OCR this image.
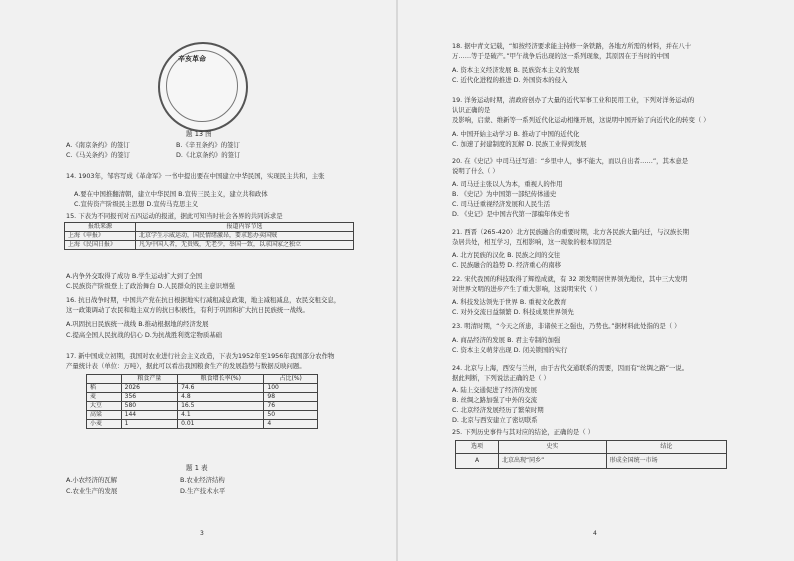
辛亥革命
题 13 图
A.《南京条约》的签订	B.《辛丑条约》的签订
C.《马关条约》的签订	D.《北京条约》的签订
14. 1903年，邹容写成《革命军》一书中提出要在中国建立中华民国，实现民主共和，主张
A.要在中国推翻清朝，建立中华民国 B.宣传三民主义，建立共和政体
C.宣传资产阶级民主思想 D.宣传马克思主义
15. 下表为不同报刊对五四运动的报道，据此可知当时社会各界的共同诉求是
报纸来源	报道内容节选
上海《申报》	北京学生示威运动，国民情绪激昂，要求惩办卖国贼
上海《民国日报》	凡为中国人者，无贵贱，无老少，举国一致，以求国家之独立
A.内争外交取得了成功 B.学生运动扩大到了全国
C.民族资产阶级登上了政治舞台 D.人民群众的民主意识增强
16. 抗日战争时期，中国共产党在抗日根据地实行减租减息政策，地主减租减息，农民交租交息，
这一政策调动了农民和地主双方的抗日积极性，有利于巩固和扩大抗日民族统一战线。
A.巩固抗日民族统一战线 B.推动根据地的经济发展
C.提高全国人民抗战的信心 D.为抗战胜利奠定物质基础
17. 新中国成立初期，我国对农业进行社会主义改造，下表为1952年至1956年我国部分农作物
产量统计表（单位：万吨），据此可以看出我国粮食生产的发展趋势与数据反映问题。
	粮食产量	粮食增长率(%)	占比(%)
稻	2026	74.6	100
麦	356	4.8	98
大豆	580	16.5	76
高粱	144	4.1	50
小麦	1	0.01	4
题 1 表
A.小农经济的瓦解	B.农业经济结构
C.农业生产的发展	D.生产技术水平
3
18. 据中青文记载，“如按经济要求能主持修一条铁路，各地方所需的材料，并在八十
万……等于是破产。”甲午战争后出现的这一系列现象，其原因在于当时的中国
A. 资本主义经济发展 B. 民族资本主义的发展
C. 近代化进程的推进 D. 外国资本的侵入
19. 洋务运动时期，清政府创办了大量的近代军事工业和民用工业，下列对洋务运动的
认识正确的是
及影响，启蒙、维新等一系列近代化运动相继开展，这说明中国开始了向近代化的转变（ ）
A. 中国开始主动学习 B. 推动了中国的近代化
C. 加速了封建制度的瓦解 D. 民族工业得到发展
20. 在《史记》中司马迁写道：“乡里中人，事不能大，而以自出者……”，其本意是
说明了什么（ ）
A. 司马迁主张以人为本，重视人的作用
B. 《史记》为中国第一部纪传体通史
C. 司马迁重视经济发展和人民生活
D. 《史记》是中国古代第一部编年体史书
21. 西晋（265-420）北方民族融合的重要时期，北方各民族大量内迁，与汉族长期
杂居共处，相互学习，互相影响，这一现象的根本原因是
A. 北方民族的汉化 B. 民族之间的交往
C. 民族融合的趋势 D. 经济重心的南移
22. 宋代我国的科技取得了辉煌成就，有 32 项发明居世界领先地位，其中三大发明
对世界文明的进步产生了重大影响，这说明宋代（ ）
A. 科技发达领先于世界 B. 重视文化教育
C. 对外交流日益频繁 D. 科技成果世界领先
23. 明清时期，“今天之所患，非诸侯王之强也，乃势也。”据材料此处指的是（ ）
A. 商品经济的发展 B. 君主专制的加强
C. 资本主义萌芽出现 D. 闭关锁国的实行
24. 北京与上海，西安与兰州，由于古代交通联系的需要，因而有“丝绸之路”一说。
据此判断，下列说法正确的是（ ）
A. 陆上交通促进了经济的发展
B. 丝绸之路加强了中外的交流
C. 北京经济发展经历了繁荣时期
D. 北京与西安建立了密切联系
25. 下列历史事件与其对应的结论，正确的是（ ）
选项	史实	结论
A	北京出现“同乡”	形成全国统一市场
4
